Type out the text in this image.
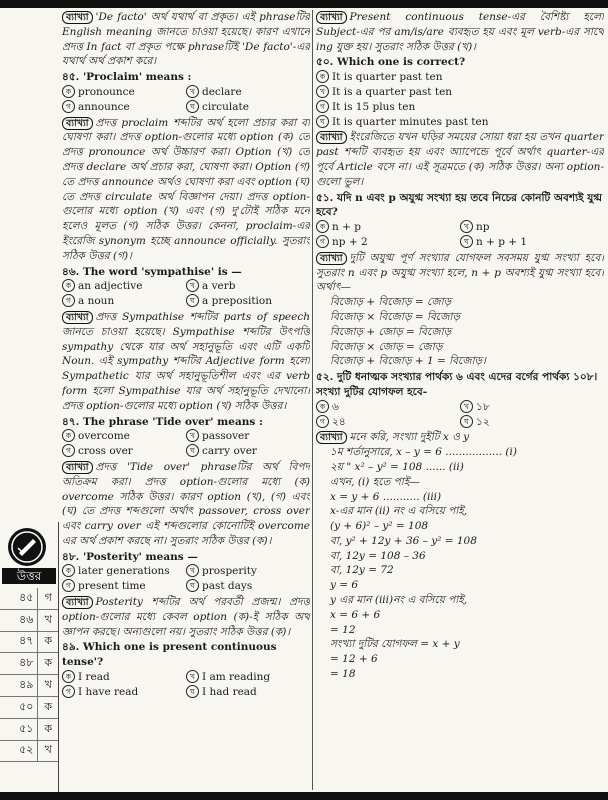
ব্যাখ্যা 'De facto' অর্থ যথার্থ বা প্রকৃত। এই phraseটির English meaning জানতে চাওয়া হয়েছে। কারণ এখানে প্রদত্ত In fact বা প্রকৃত পক্ষে phraseটিই 'De facto'-এর যথার্থ অর্থ প্রকাশ করে।

৪৫. 'Proclaim' means :

ক pronounce	খ declare
গ announce	ঘ circulate

ব্যাখ্যা প্রদত্ত proclaim শব্দটির অর্থ হলো প্রচার করা বা ঘোষণা করা। প্রদত্ত option-গুলোর মধ্যে option (ক) তে প্রদত্ত pronounce অর্থ উচ্চারণ করা। Option (খ) তে প্রদত্ত declare অর্থ প্রচার করা, ঘোষণা করা। Option (গ) তে প্রদত্ত announce অর্থও ঘোষণা করা এবং option (ঘ) তে প্রদত্ত circulate অর্থ বিজ্ঞাপন দেয়া। প্রদত্ত option-গুলোর মধ্যে option (খ) এবং (গ) দু'টোই সঠিক মনে হলেও মূলত (গ) সঠিক উত্তর। কেননা, proclaim-এর ইংরেজি synonym হচ্ছে announce officially. সুতরাং সঠিক উত্তর (গ)।

৪৬. The word 'sympathise' is —

ক an adjective	খ a verb
গ a noun	ঘ a preposition

ব্যাখ্যা প্রদত্ত Sympathise শব্দটির parts of speech জানতে চাওয়া হয়েছে। Sympathise শব্দটির উৎপত্তি sympathy থেকে যার অর্থ সহানুভূতি এবং এটি একটি Noun. এই sympathy শব্দটির Adjective form হলো Sympathetic যার অর্থ সহানুভূতিশীল এবং এর verb form হলো Sympathise যার অর্থ সহানুভূতি দেখানো। প্রদত্ত option-গুলোর মধ্যে option (খ) সঠিক উত্তর।

৪৭. The phrase 'Tide over' means :

ক overcome	খ passover
গ cross over	ঘ carry over

ব্যাখ্যা প্রদত্ত 'Tide over' phraseটির অর্থ বিপদ অতিক্রম করা। প্রদত্ত option-গুলোর মধ্যে (ক) overcome সঠিক উত্তর। কারণ option (খ), (গ) এবং (ঘ) তে প্রদত্ত শব্দগুলো অর্থাৎ passover, cross over এবং carry over এই শব্দগুলোর কোনোটিই overcome এর অর্থ প্রকাশ করছে না। সুতরাং সঠিক উত্তর (ক)।

৪৮. 'Posterity' means —

ক later generations	খ prosperity
গ present time	ঘ past days

ব্যাখ্যা Posterity শব্দটির অর্থ পরবর্তী প্রজন্ম। প্রদত্ত option-গুলোর মধ্যে কেবল option (ক)-ই সঠিক অর্থ জ্ঞাপন করছে। অন্যগুলো নয়। সুতরাং সঠিক উত্তর (ক)।

৪৯. Which one is present continuous tense'?

ক I read	খ I am reading
গ I have read	ঘ I had read

ব্যাখ্যা Present continuous tense-এর বৈশিষ্ট্য হলো Subject-এর পর am/is/are ব্যবহৃত হয় এবং মূল verb-এর সাথে ing যুক্ত হয়। সুতরাং সঠিক উত্তর (খ)।

৫০. Which one is correct?

ক It is quarter past ten
খ It is a quarter past ten
গ It is 15 plus ten
ঘ It is quarter minutes past ten

ব্যাখ্যা ইংরেজিতে যখন ঘড়ির সময়ের সোয়া ধরা হয় তখন quarter past শব্দটি ব্যবহৃত হয় এবং অ্যাপেন্ডে পূর্বে অর্থাৎ quarter-এর পূর্বে Article বসে না। এই সূত্রমতে (ক) সঠিক উত্তর। অন্য option-গুলো ভুল।

৫১. যদি n এবং p অযুগ্ম সংখ্যা হয় তবে নিচের কোনটি অবশ্যই যুগ্ম হবে?

ক n + p	খ np
গ np + 2	ঘ n + p + 1

ব্যাখ্যা দুটি অযুগ্ম পূর্ণ সংখ্যার যোগফল সবসময় যুগ্ম সংখ্যা হবে। সুতরাং n এবং p অযুগ্ম সংখ্যা হলে, n + p অবশ্যই যুগ্ম সংখ্যা হবে। অর্থাৎ—

বিজোড় + বিজোড় = জোড়

বিজোড় × বিজোড় = বিজোড়

বিজোড় + জোড় = বিজোড়

বিজোড় × জোড় = জোড়

বিজোড় + বিজোড় + 1 = বিজোড়।

৫২. দুটি ধনাত্মক সংখ্যার পার্থক্য ৬ এবং এদের বর্গের পার্থক্য ১০৮। সংখ্যা দুটির যোগফল হবে-

ক ৬	খ ১৮
গ ২৪	ঘ ১২

ব্যাখ্যা মনে করি, সংখ্যা দুইটি x ও y

১ম শর্তানুসারে, x – y = 6 ................. (i)

২য় " x² – y² = 108 ...... (ii)

এখন, (i) হতে পাই—

x = y + 6 ........... (iii)

x-এর মান (ii) নং এ বসিয়ে পাই,

(y + 6)² – y² = 108

বা, y² + 12y + 36 – y² = 108

বা, 12y = 108 – 36

বা, 12y = 72

y = 6

y এর মান (iii)নং এ বসিয়ে পাই,

x = 6 + 6

= 12

সংখ্যা দুটির যোগফল = x + y

= 12 + 6

= 18

উত্তর
৪৫	গ
৪৬	খ
৪৭ ক
৪৮ ক
৪৯	খ
৫০ ক
৫১ ক
৫২	খ
